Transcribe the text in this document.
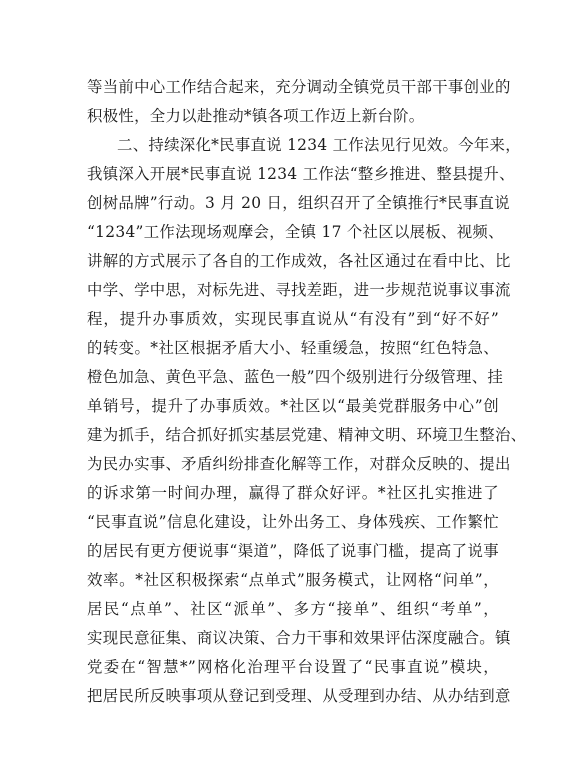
等当前中心工作结合起来，充分调动全镇党员干部干事创业的
积极性，全力以赴推动*镇各项工作迈上新台阶。
二、持续深化*民事直说 1234 工作法见行见效。今年来，
我镇深入开展*民事直说 1234 工作法“整乡推进、整县提升、
创树品牌”行动。3 月 20 日，组织召开了全镇推行*民事直说
“1234”工作法现场观摩会，全镇 17 个社区以展板、视频、
讲解的方式展示了各自的工作成效，各社区通过在看中比、比
中学、学中思，对标先进、寻找差距，进一步规范说事议事流
程，提升办事质效，实现民事直说从“有没有”到“好不好”
的转变。*社区根据矛盾大小、轻重缓急，按照“红色特急、
橙色加急、黄色平急、蓝色一般”四个级别进行分级管理、挂
单销号，提升了办事质效。*社区以“最美党群服务中心”创
建为抓手，结合抓好抓实基层党建、精神文明、环境卫生整治、
为民办实事、矛盾纠纷排查化解等工作，对群众反映的、提出
的诉求第一时间办理，赢得了群众好评。*社区扎实推进了
“民事直说”信息化建设，让外出务工、身体残疾、工作繁忙
的居民有更方便说事“渠道”，降低了说事门槛，提高了说事
效率。*社区积极探索“点单式”服务模式，让网格“问单”，
居民“点单”、社区“派单”、多方“接单”、组织“考单”，
实现民意征集、商议决策、合力干事和效果评估深度融合。镇
党委在“智慧*”网格化治理平台设置了“民事直说”模块，
把居民所反映事项从登记到受理、从受理到办结、从办结到意
